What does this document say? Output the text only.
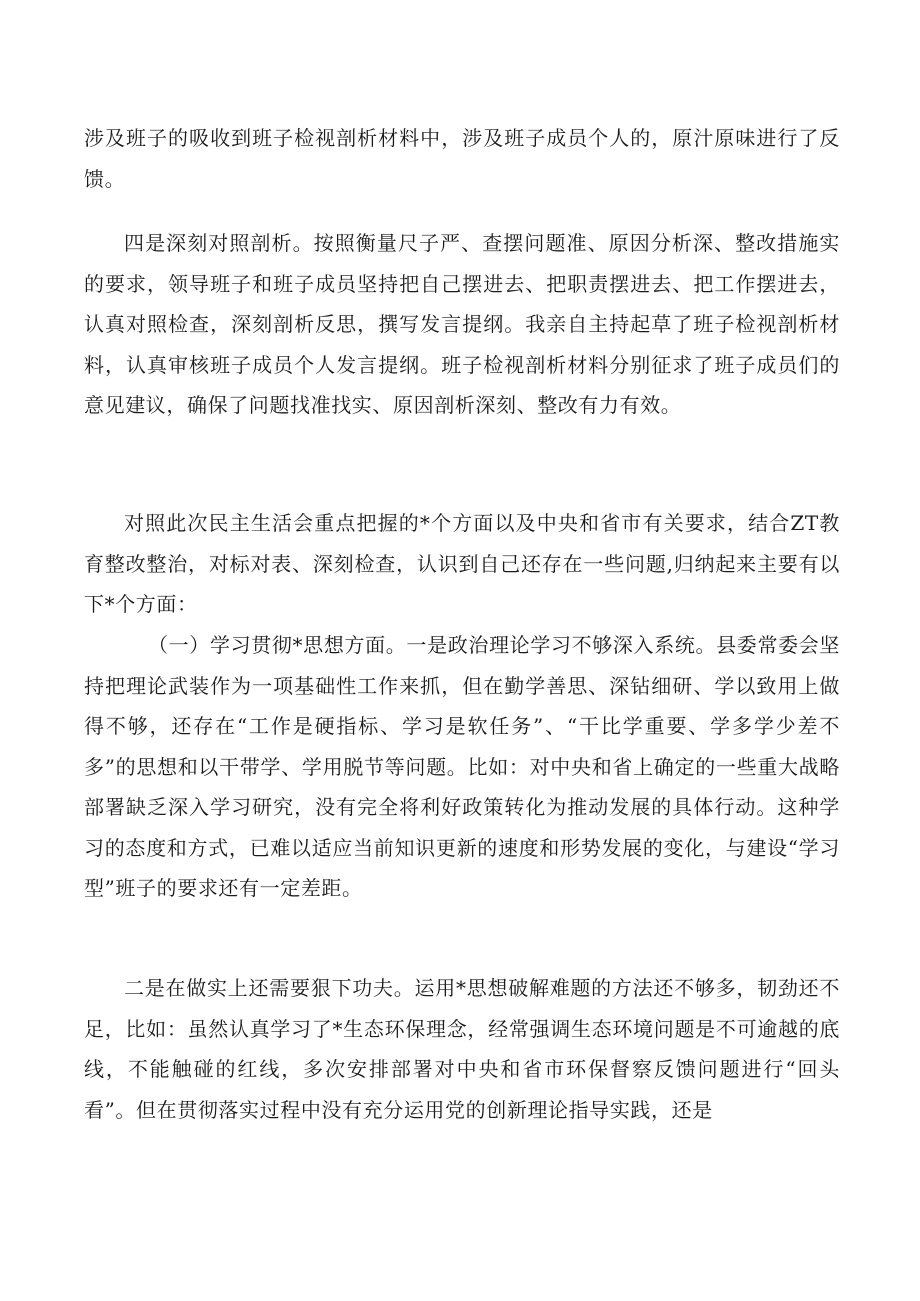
涉及班子的吸收到班子检视剖析材料中，涉及班子成员个人的，原汁原味进行了反馈。

四是深刻对照剖析。按照衡量尺子严、查摆问题准、原因分析深、整改措施实的要求，领导班子和班子成员坚持把自己摆进去、把职责摆进去、把工作摆进去，认真对照检查，深刻剖析反思，撰写发言提纲。我亲自主持起草了班子检视剖析材料，认真审核班子成员个人发言提纲。班子检视剖析材料分别征求了班子成员们的意见建议，确保了问题找准找实、原因剖析深刻、整改有力有效。

对照此次民主生活会重点把握的*个方面以及中央和省市有关要求，结合ZT教育整改整治，对标对表、深刻检查，认识到自己还存在一些问题,归纳起来主要有以下*个方面：

（一）学习贯彻*思想方面。一是政治理论学习不够深入系统。县委常委会坚持把理论武装作为一项基础性工作来抓，但在勤学善思、深钻细研、学以致用上做得不够，还存在“工作是硬指标、学习是软任务”、“干比学重要、学多学少差不多”的思想和以干带学、学用脱节等问题。比如：对中央和省上确定的一些重大战略部署缺乏深入学习研究，没有完全将利好政策转化为推动发展的具体行动。这种学习的态度和方式，已难以适应当前知识更新的速度和形势发展的变化，与建设“学习型”班子的要求还有一定差距。

二是在做实上还需要狠下功夫。运用*思想破解难题的方法还不够多，韧劲还不足，比如：虽然认真学习了*生态环保理念，经常强调生态环境问题是不可逾越的底线，不能触碰的红线，多次安排部署对中央和省市环保督察反馈问题进行“回头看”。但在贯彻落实过程中没有充分运用党的创新理论指导实践，还是
